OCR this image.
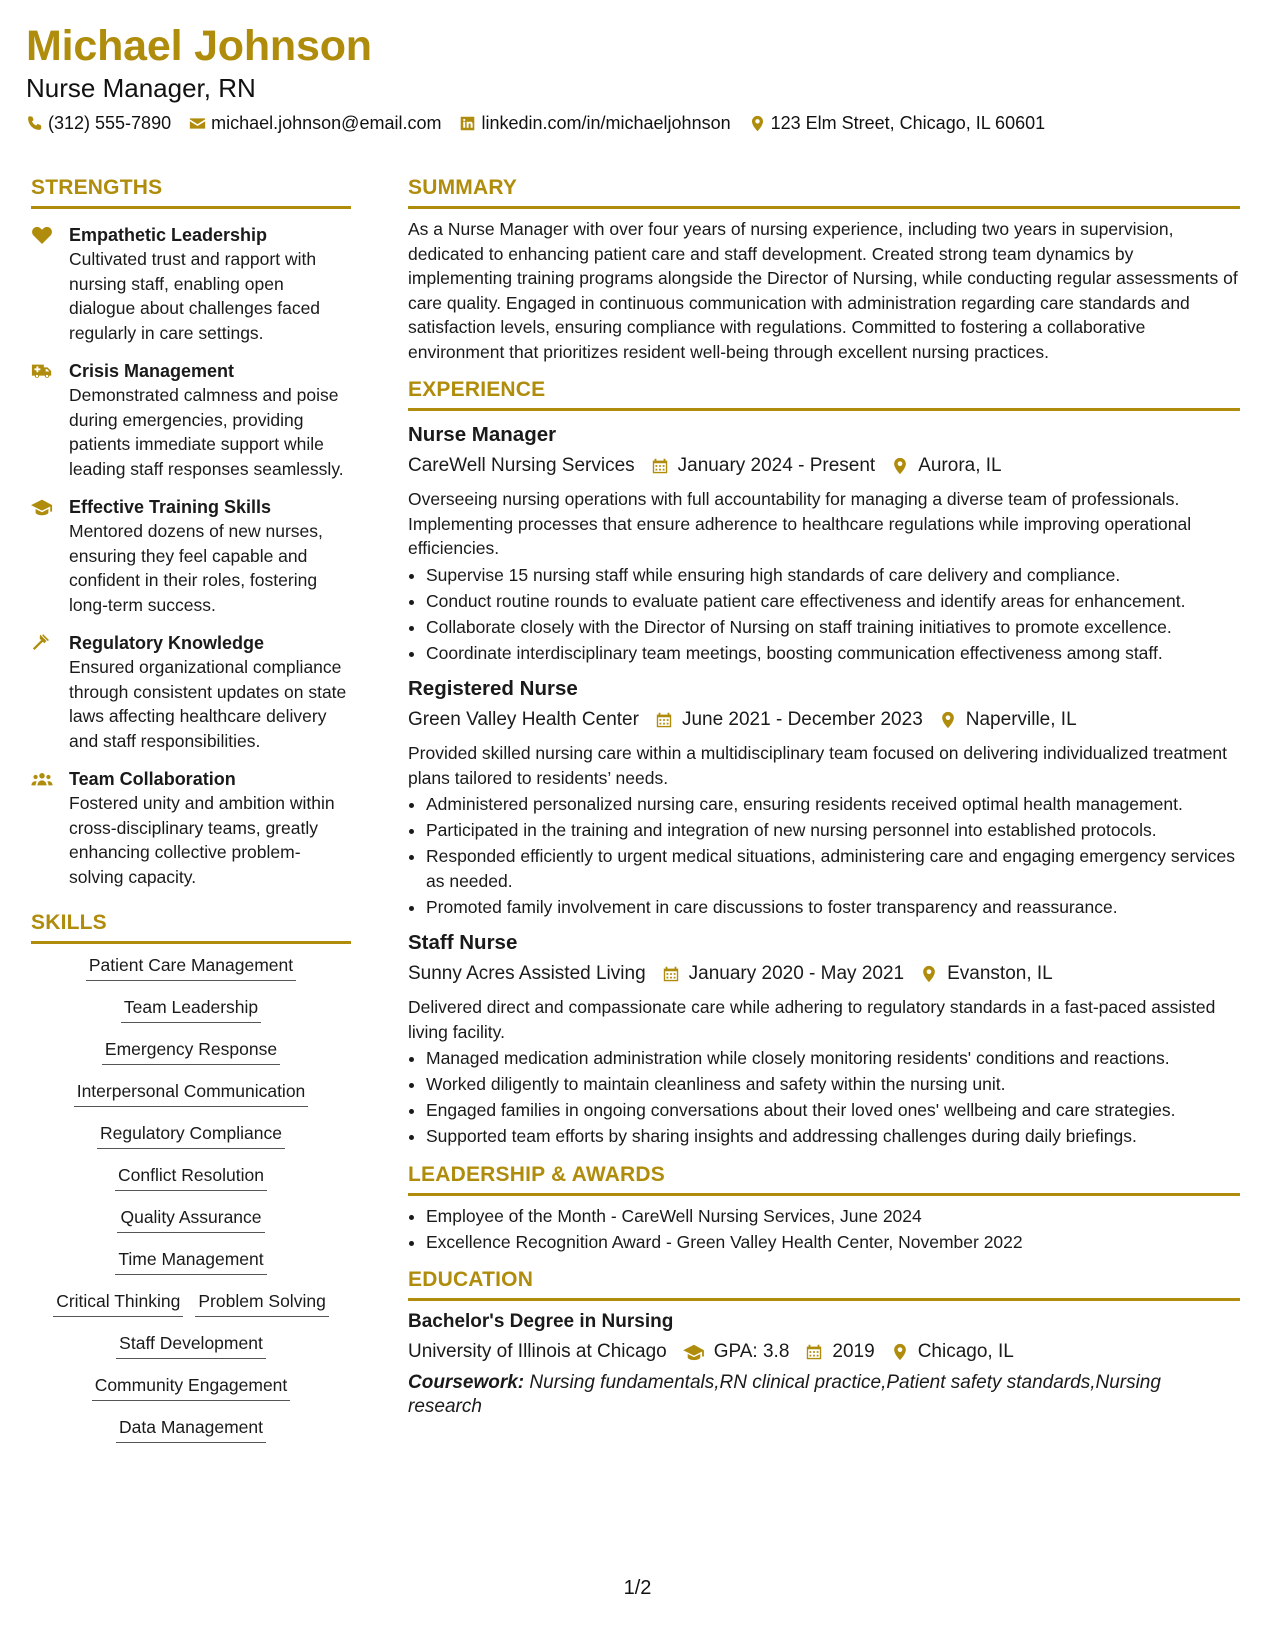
Michael Johnson
Nurse Manager, RN
(312) 555-7890 michael.johnson@email.com linkedin.com/in/michaeljohnson 123 Elm Street, Chicago, IL 60601
STRENGTHS
Empathetic Leadership
Cultivated trust and rapport with nursing staff, enabling open dialogue about challenges faced regularly in care settings.
Crisis Management
Demonstrated calmness and poise during emergencies, providing patients immediate support while leading staff responses seamlessly.
Effective Training Skills
Mentored dozens of new nurses, ensuring they feel capable and confident in their roles, fostering long-term success.
Regulatory Knowledge
Ensured organizational compliance through consistent updates on state laws affecting healthcare delivery and staff responsibilities.
Team Collaboration
Fostered unity and ambition within cross-disciplinary teams, greatly enhancing collective problem-solving capacity.
SKILLS
Patient Care Management
Team Leadership
Emergency Response
Interpersonal Communication
Regulatory Compliance
Conflict Resolution
Quality Assurance
Time Management
Critical Thinking Problem Solving
Staff Development
Community Engagement
Data Management
SUMMARY
As a Nurse Manager with over four years of nursing experience, including two years in supervision, dedicated to enhancing patient care and staff development. Created strong team dynamics by implementing training programs alongside the Director of Nursing, while conducting regular assessments of care quality. Engaged in continuous communication with administration regarding care standards and satisfaction levels, ensuring compliance with regulations. Committed to fostering a collaborative environment that prioritizes resident well-being through excellent nursing practices.
EXPERIENCE
Nurse Manager
CareWell Nursing Services January 2024 - Present Aurora, IL
Overseeing nursing operations with full accountability for managing a diverse team of professionals. Implementing processes that ensure adherence to healthcare regulations while improving operational efficiencies.
• Supervise 15 nursing staff while ensuring high standards of care delivery and compliance.
• Conduct routine rounds to evaluate patient care effectiveness and identify areas for enhancement.
• Collaborate closely with the Director of Nursing on staff training initiatives to promote excellence.
• Coordinate interdisciplinary team meetings, boosting communication effectiveness among staff.
Registered Nurse
Green Valley Health Center June 2021 - December 2023 Naperville, IL
Provided skilled nursing care within a multidisciplinary team focused on delivering individualized treatment plans tailored to residents’ needs.
• Administered personalized nursing care, ensuring residents received optimal health management.
• Participated in the training and integration of new nursing personnel into established protocols.
• Responded efficiently to urgent medical situations, administering care and engaging emergency services as needed.
• Promoted family involvement in care discussions to foster transparency and reassurance.
Staff Nurse
Sunny Acres Assisted Living January 2020 - May 2021 Evanston, IL
Delivered direct and compassionate care while adhering to regulatory standards in a fast-paced assisted living facility.
• Managed medication administration while closely monitoring residents' conditions and reactions.
• Worked diligently to maintain cleanliness and safety within the nursing unit.
• Engaged families in ongoing conversations about their loved ones' wellbeing and care strategies.
• Supported team efforts by sharing insights and addressing challenges during daily briefings.
LEADERSHIP & AWARDS
• Employee of the Month - CareWell Nursing Services, June 2024
• Excellence Recognition Award - Green Valley Health Center, November 2022
EDUCATION
Bachelor's Degree in Nursing
University of Illinois at Chicago GPA: 3.8 2019 Chicago, IL
Coursework: Nursing fundamentals,RN clinical practice,Patient safety standards,Nursing research
1/2
